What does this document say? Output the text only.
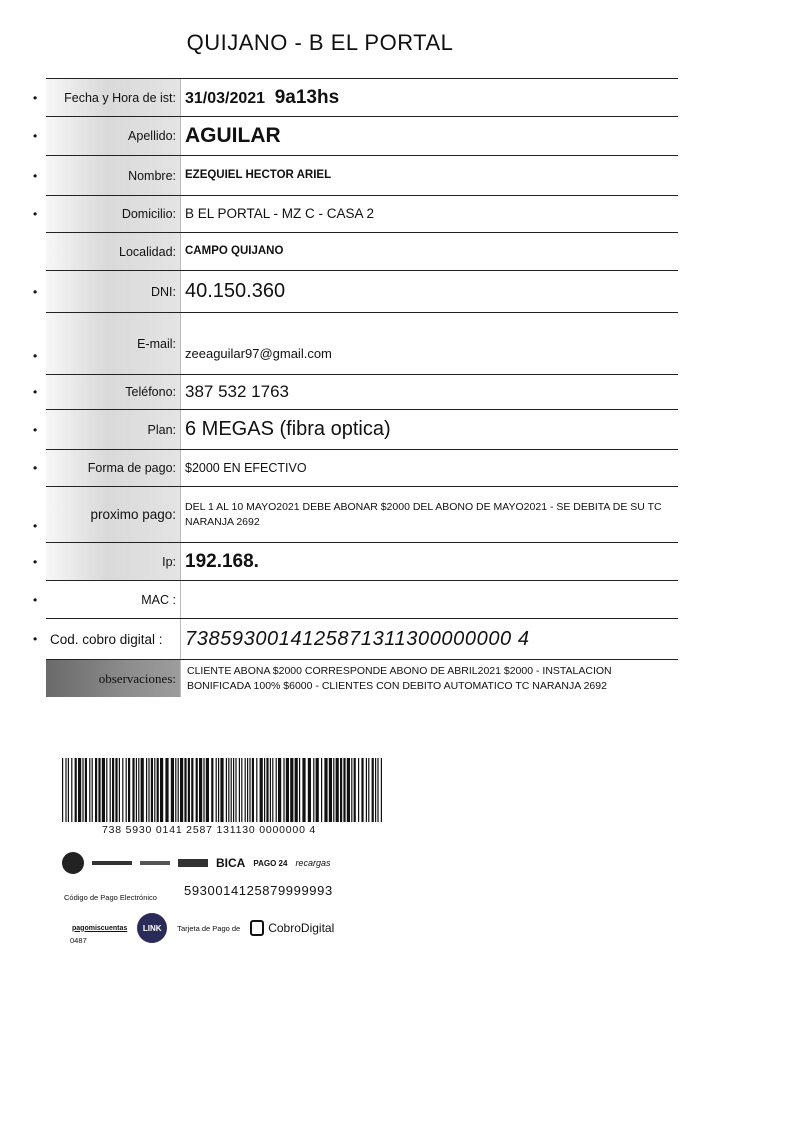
QUIJANO - B EL PORTAL
•	Fecha y Hora de ist: 31/03/2021 9a13hs
•	Apellido: AGUILAR
•	Nombre: EZEQUIEL HECTOR ARIEL
•	Domicilio: B EL PORTAL - MZ C - CASA 2
Localidad: CAMPO QUIJANO
•	DNI: 40.150.360
•
E-mail:
zeeaguilar97@gmail.com
•	Teléfono: 387 532 1763
•	Plan: 6 MEGAS (fibra optica)
•	Forma de pago: $2000 EN EFECTIVO
•
proximo pago: DEL 1 AL 10 MAYO2021 DEBE ABONAR $2000 DEL ABONO DE MAYO2021 - SE DEBITA DE SU TC NARANJA 2692
•	Ip: 192.168.
•	MAC :
• Cod. cobro digital :	7385930014125871311300000000 4
observaciones:	CLIENTE ABONA $2000 CORRESPONDE ABONO DE ABRIL2021 $2000 - INSTALACION BONIFICADA 100% $6000 - CLIENTES CON DEBITO AUTOMATICO TC NARANJA 2692
738 5930 0141 2587 131130 0000000 4
BICA PAGO 24 recargas
Código de Pago Electrónico 5930014125879999993
pagomiscuentas	LINK	Tarjeta de Pago de CobroDigital
0487
